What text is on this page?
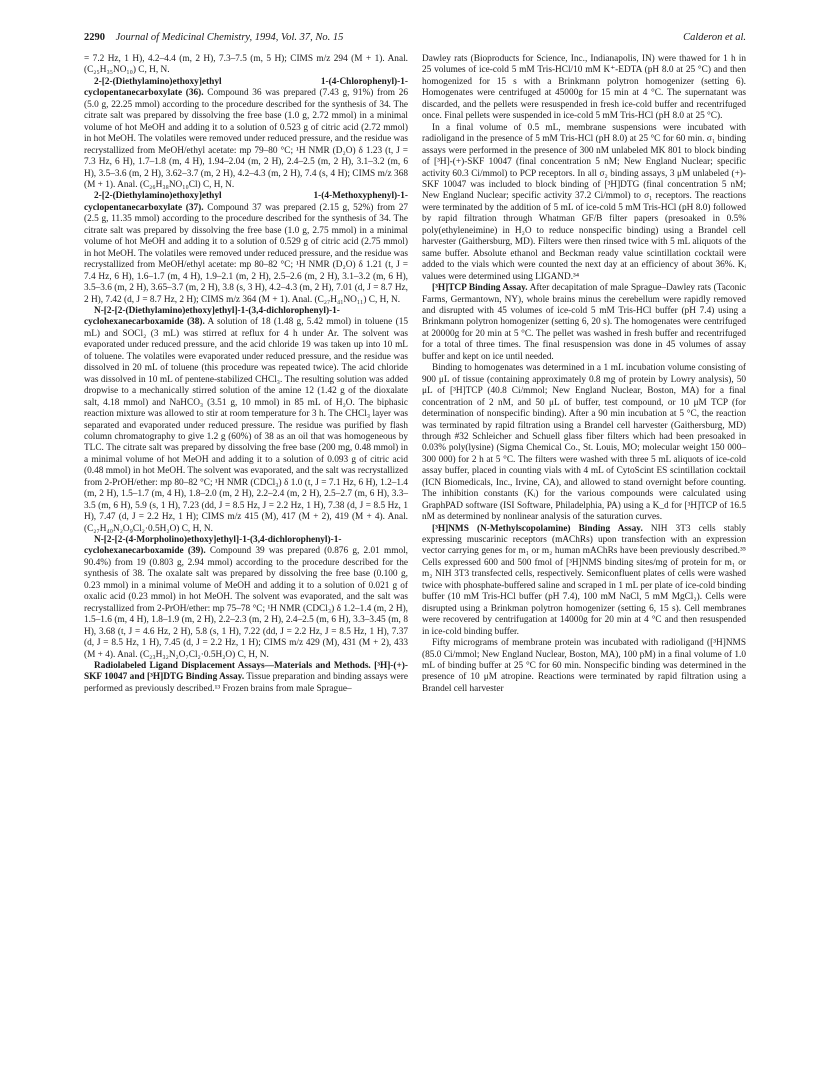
2290 Journal of Medicinal Chemistry, 1994, Vol. 37, No. 15	Calderon et al.

= 7.2 Hz, 1 H), 4.2–4.4 (m, 2 H), 7.3–7.5 (m, 5 H); CIMS m/z 294 (M + 1). Anal. (C₂₅H₃₅NO₁₀) C, H, N.

2-[2-(Diethylamino)ethoxy]ethyl 1-(4-Chlorophenyl)-1-cyclopentanecarboxylate (36). Compound 36 was prepared (7.43 g, 91%) from 26 (5.0 g, 22.25 mmol) according to the procedure described for the synthesis of 34. The citrate salt was prepared by dissolving the free base (1.0 g, 2.72 mmol) in a minimal volume of hot MeOH and adding it to a solution of 0.523 g of citric acid (2.72 mmol) in hot MeOH. The volatiles were removed under reduced pressure, and the residue was recrystallized from MeOH/ethyl acetate: mp 79–80 °C; ¹H NMR (D₂O) δ 1.23 (t, J = 7.3 Hz, 6 H), 1.7–1.8 (m, 4 H), 1.94–2.04 (m, 2 H), 2.4–2.5 (m, 2 H), 3.1–3.2 (m, 6 H), 3.5–3.6 (m, 2 H), 3.62–3.7 (m, 2 H), 4.2–4.3 (m, 2 H), 7.4 (s, 4 H); CIMS m/z 368 (M + 1). Anal. (C₂₆H₃₈NO₁₀Cl) C, H, N.

2-[2-(Diethylamino)ethoxy]ethyl 1-(4-Methoxyphenyl)-1-cyclopentanecarboxylate (37). Compound 37 was prepared (2.15 g, 52%) from 27 (2.5 g, 11.35 mmol) according to the procedure described for the synthesis of 34. The citrate salt was prepared by dissolving the free base (1.0 g, 2.75 mmol) in a minimal volume of hot MeOH and adding it to a solution of 0.529 g of citric acid (2.75 mmol) in hot MeOH. The volatiles were removed under reduced pressure, and the residue was recrystallized from MeOH/ethyl acetate: mp 80–82 °C; ¹H NMR (D₂O) δ 1.21 (t, J = 7.4 Hz, 6 H), 1.6–1.7 (m, 4 H), 1.9–2.1 (m, 2 H), 2.5–2.6 (m, 2 H), 3.1–3.2 (m, 6 H), 3.5–3.6 (m, 2 H), 3.65–3.7 (m, 2 H), 3.8 (s, 3 H), 4.2–4.3 (m, 2 H), 7.01 (d, J = 8.7 Hz, 2 H), 7.42 (d, J = 8.7 Hz, 2 H); CIMS m/z 364 (M + 1). Anal. (C₂₇H₄₁NO₁₁) C, H, N.

N-[2-[2-(Diethylamino)ethoxy]ethyl]-1-(3,4-dichlorophenyl)-1-cyclohexanecarboxamide (38). A solution of 18 (1.48 g, 5.42 mmol) in toluene (15 mL) and SOCl₂ (3 mL) was stirred at reflux for 4 h under Ar. The solvent was evaporated under reduced pressure, and the acid chloride 19 was taken up into 10 mL of toluene. The volatiles were evaporated under reduced pressure, and the residue was dissolved in 20 mL of toluene (this procedure was repeated twice). The acid chloride was dissolved in 10 mL of pentene-stabilized CHCl₃. The resulting solution was added dropwise to a mechanically stirred solution of the amine 12 (1.42 g of the dioxalate salt, 4.18 mmol) and NaHCO₃ (3.51 g, 10 mmol) in 85 mL of H₂O. The biphasic reaction mixture was allowed to stir at room temperature for 3 h. The CHCl₃ layer was separated and evaporated under reduced pressure. The residue was purified by flash column chromatography to give 1.2 g (60%) of 38 as an oil that was homogeneous by TLC. The citrate salt was prepared by dissolving the free base (200 mg, 0.48 mmol) in a minimal volume of hot MeOH and adding it to a solution of 0.093 g of citric acid (0.48 mmol) in hot MeOH. The solvent was evaporated, and the salt was recrystallized from 2-PrOH/ether: mp 80–82 °C; ¹H NMR (CDCl₃) δ 1.0 (t, J = 7.1 Hz, 6 H), 1.2–1.4 (m, 2 H), 1.5–1.7 (m, 4 H), 1.8–2.0 (m, 2 H), 2.2–2.4 (m, 2 H), 2.5–2.7 (m, 6 H), 3.3–3.5 (m, 6 H), 5.9 (s, 1 H), 7.23 (dd, J = 8.5 Hz, J = 2.2 Hz, 1 H), 7.38 (d, J = 8.5 Hz, 1 H), 7.47 (d, J = 2.2 Hz, 1 H); CIMS m/z 415 (M), 417 (M + 2), 419 (M + 4). Anal. (C₂₇H₄₀N₂O₉Cl₂·0.5H₂O) C, H, N.

N-[2-[2-(4-Morpholino)ethoxy]ethyl]-1-(3,4-dichlorophenyl)-1-cyclohexanecarboxamide (39). Compound 39 was prepared (0.876 g, 2.01 mmol, 90.4%) from 19 (0.803 g, 2.94 mmol) according to the procedure described for the synthesis of 38. The oxalate salt was prepared by dissolving the free base (0.100 g, 0.23 mmol) in a minimal volume of MeOH and adding it to a solution of 0.021 g of oxalic acid (0.23 mmol) in hot MeOH. The solvent was evaporated, and the salt was recrystallized from 2-PrOH/ether: mp 75–78 °C; ¹H NMR (CDCl₃) δ 1.2–1.4 (m, 2 H), 1.5–1.6 (m, 4 H), 1.8–1.9 (m, 2 H), 2.2–2.3 (m, 2 H), 2.4–2.5 (m, 6 H), 3.3–3.45 (m, 8 H), 3.68 (t, J = 4.6 Hz, 2 H), 5.8 (s, 1 H), 7.22 (dd, J = 2.2 Hz, J = 8.5 Hz, 1 H), 7.37 (d, J = 8.5 Hz, 1 H), 7.45 (d, J = 2.2 Hz, 1 H); CIMS m/z 429 (M), 431 (M + 2), 433 (M + 4). Anal. (C₂₃H₃₂N₂O₇Cl₂·0.5H₂O) C, H, N.

Radiolabeled Ligand Displacement Assays—Materials and Methods. [³H]-(+)-SKF 10047 and [³H]DTG Binding Assay. Tissue preparation and binding assays were performed as previously described.¹³ Frozen brains from male Sprague–

Dawley rats (Bioproducts for Science, Inc., Indianapolis, IN) were thawed for 1 h in 25 volumes of ice-cold 5 mM Tris-HCl/10 mM K⁺-EDTA (pH 8.0 at 25 °C) and then homogenized for 15 s with a Brinkmann polytron homogenizer (setting 6). Homogenates were centrifuged at 45000g for 15 min at 4 °C. The supernatant was discarded, and the pellets were resuspended in fresh ice-cold buffer and recentrifuged once. Final pellets were suspended in ice-cold 5 mM Tris-HCl (pH 8.0 at 25 °C).

In a final volume of 0.5 mL, membrane suspensions were incubated with radioligand in the presence of 5 mM Tris-HCl (pH 8.0) at 25 °C for 60 min. σ₁ binding assays were performed in the presence of 300 nM unlabeled MK 801 to block binding of [³H]-(+)-SKF 10047 (final concentration 5 nM; New England Nuclear; specific activity 60.3 Ci/mmol) to PCP receptors. In all σ₂ binding assays, 3 μM unlabeled (+)-SKF 10047 was included to block binding of [³H]DTG (final concentration 5 nM; New England Nuclear; specific activity 37.2 Ci/mmol) to σ₁ receptors. The reactions were terminated by the addition of 5 mL of ice-cold 5 mM Tris-HCl (pH 8.0) followed by rapid filtration through Whatman GF/B filter papers (presoaked in 0.5% poly(ethyleneimine) in H₂O to reduce nonspecific binding) using a Brandel cell harvester (Gaithersburg, MD). Filters were then rinsed twice with 5 mL aliquots of the same buffer. Absolute ethanol and Beckman ready value scintillation cocktail were added to the vials which were counted the next day at an efficiency of about 36%. Kᵢ values were determined using LIGAND.³⁴

[³H]TCP Binding Assay. After decapitation of male Sprague–Dawley rats (Taconic Farms, Germantown, NY), whole brains minus the cerebellum were rapidly removed and disrupted with 45 volumes of ice-cold 5 mM Tris-HCl buffer (pH 7.4) using a Brinkmann polytron homogenizer (setting 6, 20 s). The homogenates were centrifuged at 20000g for 20 min at 5 °C. The pellet was washed in fresh buffer and recentrifuged for a total of three times. The final resuspension was done in 45 volumes of assay buffer and kept on ice until needed.

Binding to homogenates was determined in a 1 mL incubation volume consisting of 900 μL of tissue (containing approximately 0.8 mg of protein by Lowry analysis), 50 μL of [³H]TCP (40.8 Ci/mmol; New England Nuclear, Boston, MA) for a final concentration of 2 nM, and 50 μL of buffer, test compound, or 10 μM TCP (for determination of nonspecific binding). After a 90 min incubation at 5 °C, the reaction was terminated by rapid filtration using a Brandel cell harvester (Gaithersburg, MD) through #32 Schleicher and Schuell glass fiber filters which had been presoaked in 0.03% poly(lysine) (Sigma Chemical Co., St. Louis, MO; molecular weight 150 000–300 000) for 2 h at 5 °C. The filters were washed with three 5 mL aliquots of ice-cold assay buffer, placed in counting vials with 4 mL of CytoScint ES scintillation cocktail (ICN Biomedicals, Inc., Irvine, CA), and allowed to stand overnight before counting. The inhibition constants (Kᵢ) for the various compounds were calculated using GraphPAD software (ISI Software, Philadelphia, PA) using a K_d for [³H]TCP of 16.5 nM as determined by nonlinear analysis of the saturation curves.

[³H]NMS (N-Methylscopolamine) Binding Assay. NIH 3T3 cells stably expressing muscarinic receptors (mAChRs) upon transfection with an expression vector carrying genes for m₁ or m₂ human mAChRs have been previously described.³⁵ Cells expressed 600 and 500 fmol of [³H]NMS binding sites/mg of protein for m₁ or m₂ NIH 3T3 transfected cells, respectively. Semiconfluent plates of cells were washed twice with phosphate-buffered saline and scraped in 1 mL per plate of ice-cold binding buffer (10 mM Tris-HCl buffer (pH 7.4), 100 mM NaCl, 5 mM MgCl₂). Cells were disrupted using a Brinkman polytron homogenizer (setting 6, 15 s). Cell membranes were recovered by centrifugation at 14000g for 20 min at 4 °C and then resuspended in ice-cold binding buffer.

Fifty micrograms of membrane protein was incubated with radioligand ([³H]NMS (85.0 Ci/mmol; New England Nuclear, Boston, MA), 100 pM) in a final volume of 1.0 mL of binding buffer at 25 °C for 60 min. Nonspecific binding was determined in the presence of 10 μM atropine. Reactions were terminated by rapid filtration using a Brandel cell harvester
